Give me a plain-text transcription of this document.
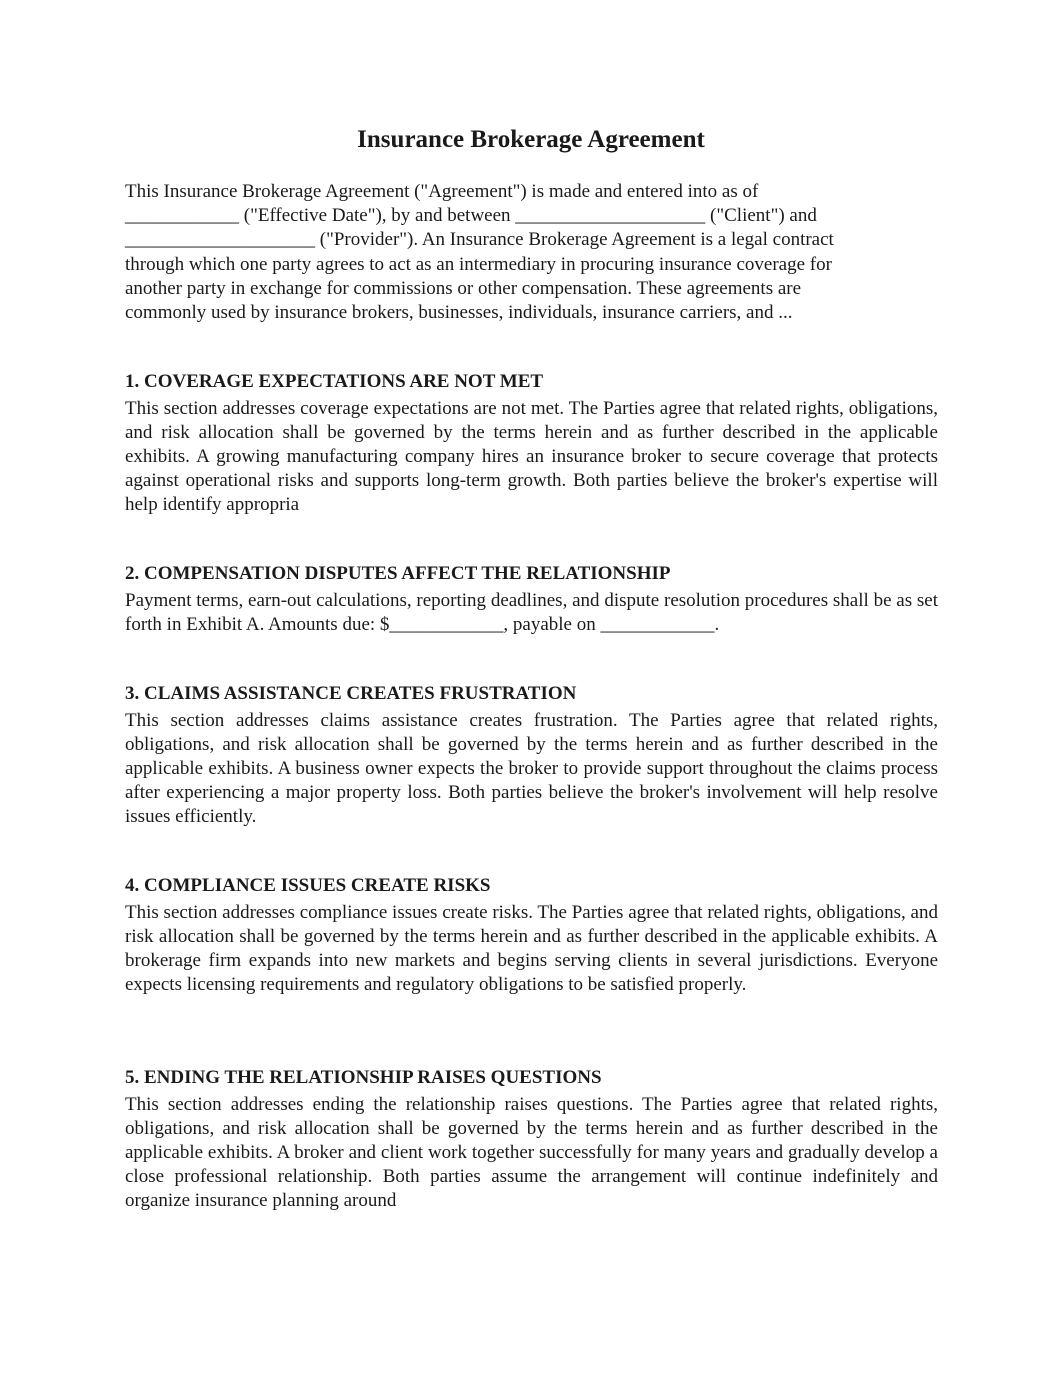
Insurance Brokerage Agreement

This Insurance Brokerage Agreement ("Agreement") is made and entered into as of
____________ ("Effective Date"), by and between ____________________ ("Client") and
____________________ ("Provider"). An Insurance Brokerage Agreement is a legal contract
through which one party agrees to act as an intermediary in procuring insurance coverage for
another party in exchange for commissions or other compensation. These agreements are
commonly used by insurance brokers, businesses, individuals, insurance carriers, and ...

1. COVERAGE EXPECTATIONS ARE NOT MET

This section addresses coverage expectations are not met. The Parties agree that related rights, obligations, and risk allocation shall be governed by the terms herein and as further described in the applicable exhibits. A growing manufacturing company hires an insurance broker to secure coverage that protects against operational risks and supports long-term growth. Both parties believe the broker's expertise will help identify appropria

2. COMPENSATION DISPUTES AFFECT THE RELATIONSHIP

Payment terms, earn-out calculations, reporting deadlines, and dispute resolution procedures shall be as set forth in Exhibit A. Amounts due: $____________, payable on ____________.

3. CLAIMS ASSISTANCE CREATES FRUSTRATION

This section addresses claims assistance creates frustration. The Parties agree that related rights, obligations, and risk allocation shall be governed by the terms herein and as further described in the applicable exhibits. A business owner expects the broker to provide support throughout the claims process after experiencing a major property loss. Both parties believe the broker's involvement will help resolve issues efficiently.

4. COMPLIANCE ISSUES CREATE RISKS

This section addresses compliance issues create risks. The Parties agree that related rights, obligations, and risk allocation shall be governed by the terms herein and as further described in the applicable exhibits. A brokerage firm expands into new markets and begins serving clients in several jurisdictions. Everyone expects licensing requirements and regulatory obligations to be satisfied properly.

5. ENDING THE RELATIONSHIP RAISES QUESTIONS

This section addresses ending the relationship raises questions. The Parties agree that related rights, obligations, and risk allocation shall be governed by the terms herein and as further described in the applicable exhibits. A broker and client work together successfully for many years and gradually develop a close professional relationship. Both parties assume the arrangement will continue indefinitely and organize insurance planning around
